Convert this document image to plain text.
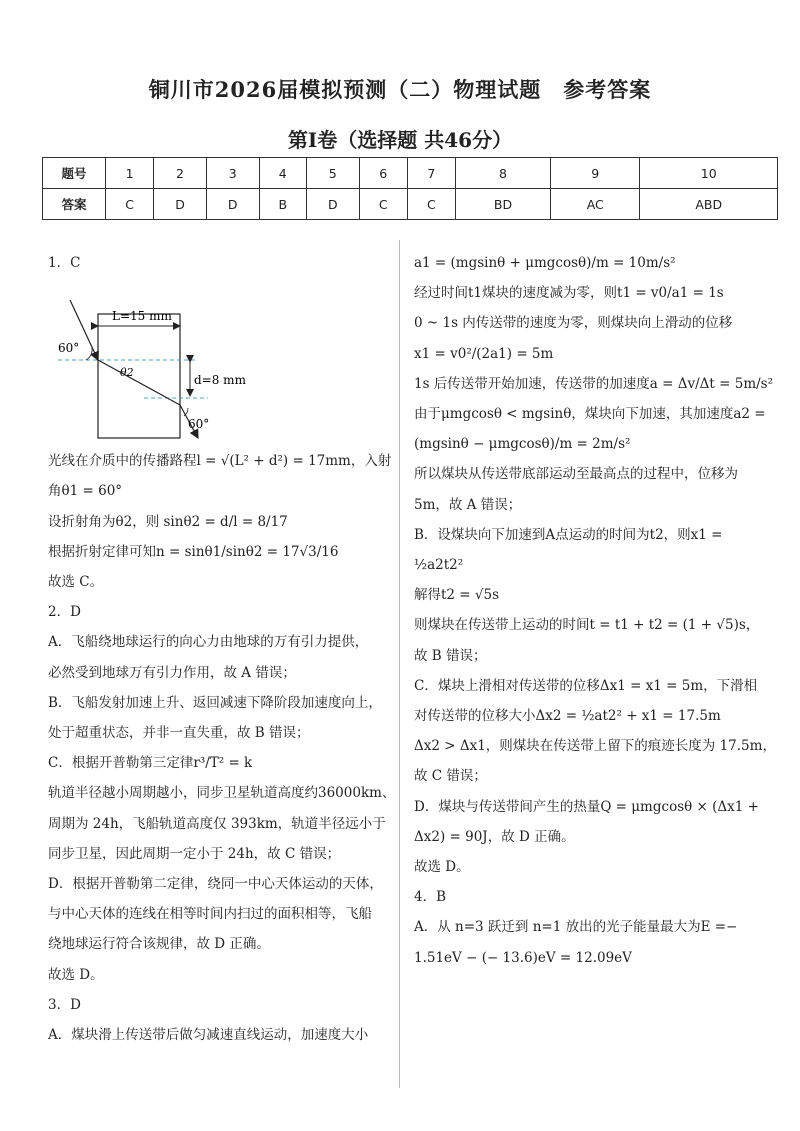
铜川市2026届模拟预测（二）物理试题　参考答案
第Ⅰ卷（选择题 共46分）
题号	1	2	3	4	5	6	7	8	9	10
答案	C	D	D	B	D	C	C	BD	AC	ABD

1．C

L=15 mm
d=8 mm
60°
60°
θ2

光线在介质中的传播路程l = √(L² + d²) = 17mm，入射

角θ1 = 60°

设折射角为θ2，则 sinθ2 = d/l = 8/17

根据折射定律可知n = sinθ1/sinθ2 = 17√3/16

故选 C。

2．D

A．飞船绕地球运行的向心力由地球的万有引力提供，

必然受到地球万有引力作用，故 A 错误；

B．飞船发射加速上升、返回减速下降阶段加速度向上，

处于超重状态，并非一直失重，故 B 错误；

C．根据开普勒第三定律r³/T² = k

轨道半径越小周期越小，同步卫星轨道高度约36000km、

周期为 24h，飞船轨道高度仅 393km，轨道半径远小于

同步卫星，因此周期一定小于 24h，故 C 错误；

D．根据开普勒第二定律，绕同一中心天体运动的天体，

与中心天体的连线在相等时间内扫过的面积相等，飞船

绕地球运行符合该规律，故 D 正确。

故选 D。

3．D

A．煤块滑上传送带后做匀减速直线运动，加速度大小

a1 = (mgsinθ + μmgcosθ)/m = 10m/s²

经过时间t1煤块的速度减为零，则t1 = v0/a1 = 1s

0 ~ 1s 内传送带的速度为零，则煤块向上滑动的位移

x1 = v0²/(2a1) = 5m

1s 后传送带开始加速，传送带的加速度a = Δv/Δt = 5m/s²

由于μmgcosθ < mgsinθ，煤块向下加速，其加速度a2 =

(mgsinθ − μmgcosθ)/m = 2m/s²

所以煤块从传送带底部运动至最高点的过程中，位移为

5m，故 A 错误；

B．设煤块向下加速到A点运动的时间为t2，则x1 =

½a2t2²

解得t2 = √5s

则煤块在传送带上运动的时间t = t1 + t2 = (1 + √5)s，

故 B 错误；

C．煤块上滑相对传送带的位移Δx1 = x1 = 5m，下滑相

对传送带的位移大小Δx2 = ½at2² + x1 = 17.5m

Δx2 > Δx1，则煤块在传送带上留下的痕迹长度为 17.5m，

故 C 错误；

D．煤块与传送带间产生的热量Q = μmgcosθ × (Δx1 +

Δx2) = 90J，故 D 正确。

故选 D。

4．B

A．从 n=3 跃迁到 n=1 放出的光子能量最大为E =−

1.51eV − (− 13.6)eV = 12.09eV
